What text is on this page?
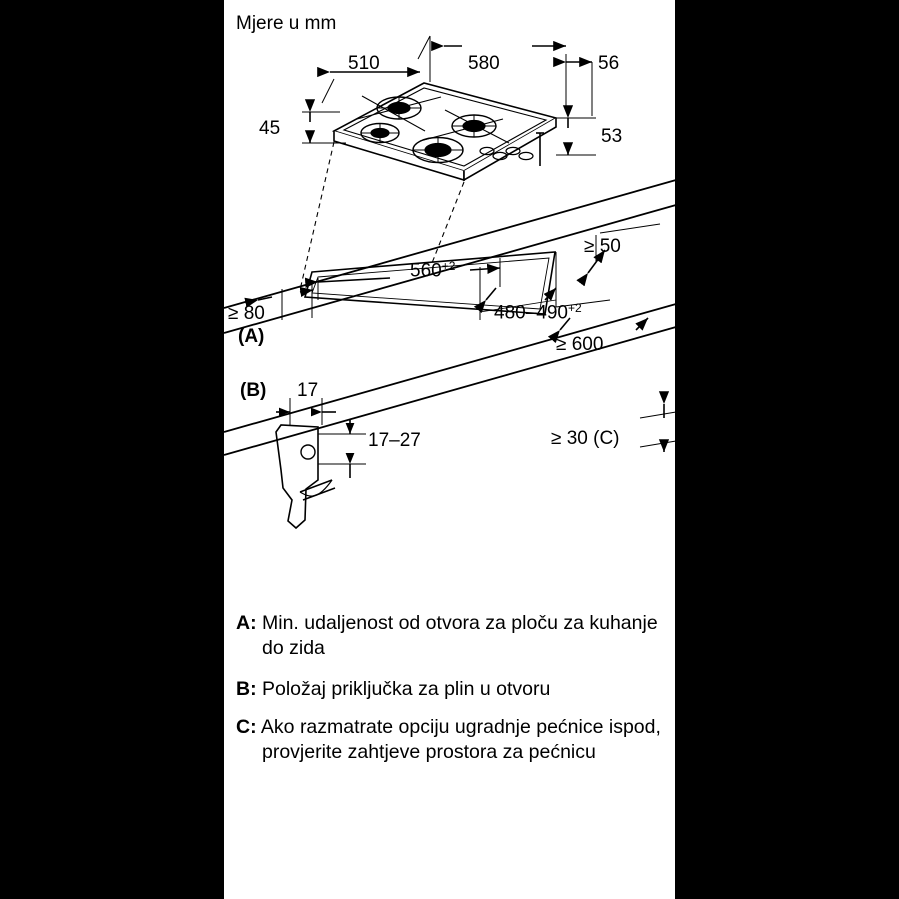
Mjere u mm
510	580	56
45	53
≥ 50
$560^{+2}$
$480-490^{+2}$
≥ 600
≥ 80
(A)
(B) 17
17–27	≥ 30 (C)
A: Min. udaljenost od otvora za ploču za kuhanje do zida
B: Položaj priključka za plin u otvoru
C: Ako razmatrate opciju ugradnje pećnice ispod, provjerite zahtjeve prostora za pećnicu
